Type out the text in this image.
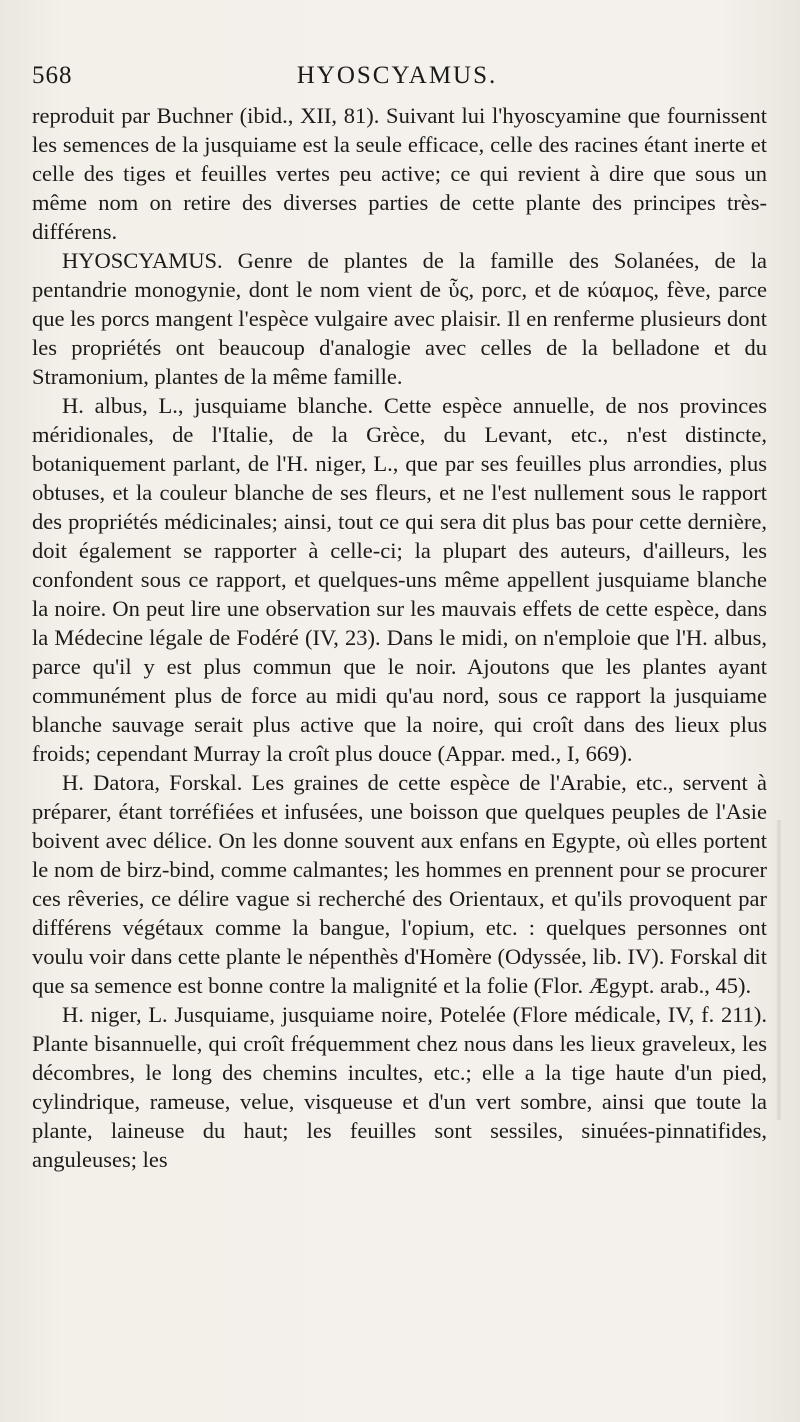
568	HYOSCYAMUS.

reproduit par Buchner (ibid., XII, 81). Suivant lui l'hyoscyamine que fournissent les semences de la jusquiame est la seule efficace, celle des racines étant inerte et celle des tiges et feuilles vertes peu active; ce qui revient à dire que sous un même nom on retire des diverses parties de cette plante des principes très-différens.

HYOSCYAMUS. Genre de plantes de la famille des Solanées, de la pentandrie monogynie, dont le nom vient de ὗς, porc, et de κύαμος, fève, parce que les porcs mangent l'espèce vulgaire avec plaisir. Il en renferme plusieurs dont les propriétés ont beaucoup d'analogie avec celles de la belladone et du Stramonium, plantes de la même famille.

H. albus, L., jusquiame blanche. Cette espèce annuelle, de nos provinces méridionales, de l'Italie, de la Grèce, du Levant, etc., n'est distincte, botaniquement parlant, de l'H. niger, L., que par ses feuilles plus arrondies, plus obtuses, et la couleur blanche de ses fleurs, et ne l'est nullement sous le rapport des propriétés médicinales; ainsi, tout ce qui sera dit plus bas pour cette dernière, doit également se rapporter à celle-ci; la plupart des auteurs, d'ailleurs, les confondent sous ce rapport, et quelques-uns même appellent jusquiame blanche la noire. On peut lire une observation sur les mauvais effets de cette espèce, dans la Médecine légale de Fodéré (IV, 23). Dans le midi, on n'emploie que l'H. albus, parce qu'il y est plus commun que le noir. Ajoutons que les plantes ayant communément plus de force au midi qu'au nord, sous ce rapport la jusquiame blanche sauvage serait plus active que la noire, qui croît dans des lieux plus froids; cependant Murray la croît plus douce (Appar. med., I, 669).

H. Datora, Forskal. Les graines de cette espèce de l'Arabie, etc., servent à préparer, étant torréfiées et infusées, une boisson que quelques peuples de l'Asie boivent avec délice. On les donne souvent aux enfans en Egypte, où elles portent le nom de birz-bind, comme calmantes; les hommes en prennent pour se procurer ces rêveries, ce délire vague si recherché des Orientaux, et qu'ils provoquent par différens végétaux comme la bangue, l'opium, etc. : quelques personnes ont voulu voir dans cette plante le népenthès d'Homère (Odyssée, lib. IV). Forskal dit que sa semence est bonne contre la malignité et la folie (Flor. Ægypt. arab., 45).

H. niger, L. Jusquiame, jusquiame noire, Potelée (Flore médicale, IV, f. 211). Plante bisannuelle, qui croît fréquemment chez nous dans les lieux graveleux, les décombres, le long des chemins incultes, etc.; elle a la tige haute d'un pied, cylindrique, rameuse, velue, visqueuse et d'un vert sombre, ainsi que toute la plante, laineuse du haut; les feuilles sont sessiles, sinuées-pinnatifides, anguleuses; les
